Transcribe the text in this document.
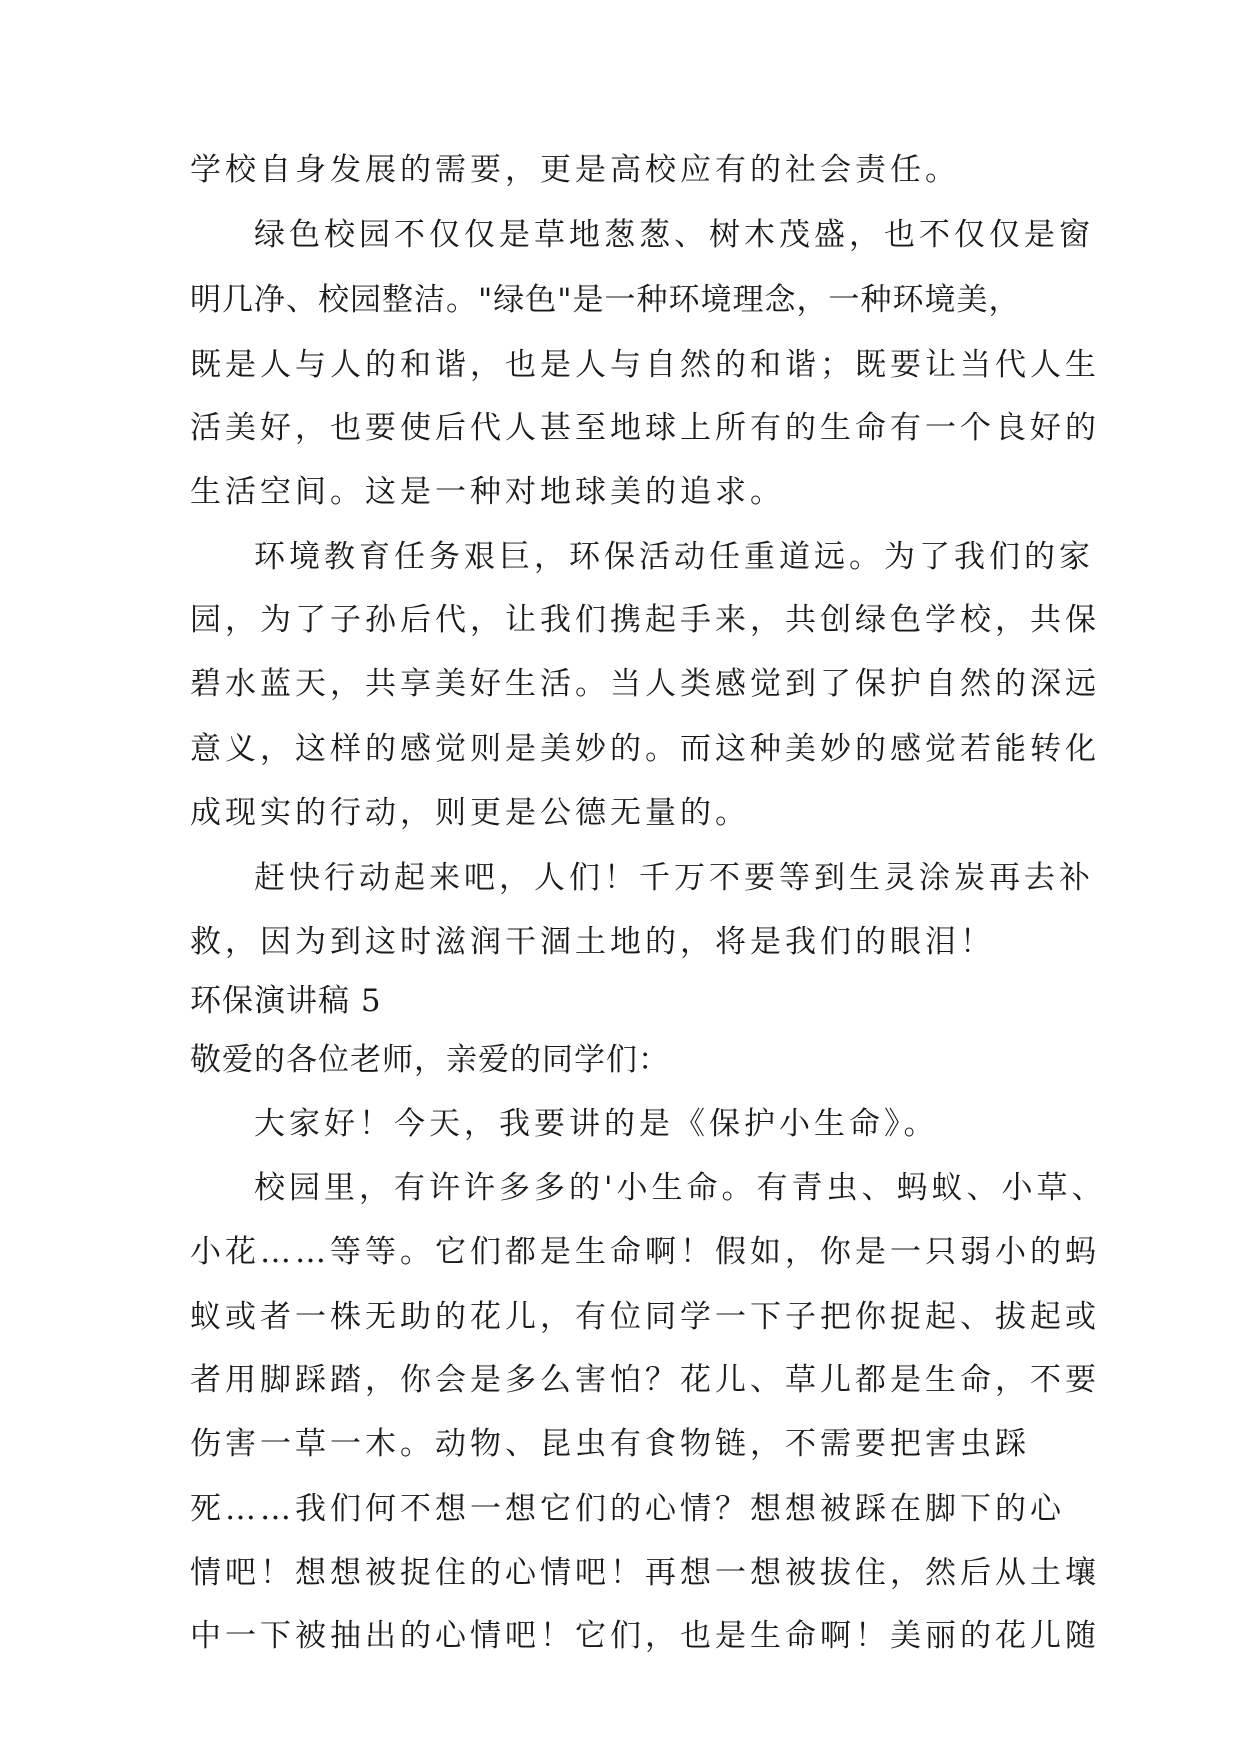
学校自身发展的需要，更是高校应有的社会责任。
绿色校园不仅仅是草地葱葱、树木茂盛，也不仅仅是窗
明几净、校园整洁。"绿色"是一种环境理念，一种环境美，
既是人与人的和谐，也是人与自然的和谐；既要让当代人生
活美好，也要使后代人甚至地球上所有的生命有一个良好的
生活空间。这是一种对地球美的追求。
环境教育任务艰巨，环保活动任重道远。为了我们的家
园，为了子孙后代，让我们携起手来，共创绿色学校，共保
碧水蓝天，共享美好生活。当人类感觉到了保护自然的深远
意义，这样的感觉则是美妙的。而这种美妙的感觉若能转化
成现实的行动，则更是公德无量的。
赶快行动起来吧，人们！千万不要等到生灵涂炭再去补
救，因为到这时滋润干涸土地的，将是我们的眼泪！
环保演讲稿 5
敬爱的各位老师，亲爱的同学们：
大家好！今天，我要讲的是《保护小生命》。
校园里，有许许多多的'小生命。有青虫、蚂蚁、小草、
小花……等等。它们都是生命啊！假如，你是一只弱小的蚂
蚁或者一株无助的花儿，有位同学一下子把你捉起、拔起或
者用脚踩踏，你会是多么害怕？花儿、草儿都是生命，不要
伤害一草一木。动物、昆虫有食物链，不需要把害虫踩
死……我们何不想一想它们的心情？想想被踩在脚下的心
情吧！想想被捉住的心情吧！再想一想被拔住，然后从土壤
中一下被抽出的心情吧！它们，也是生命啊！美丽的花儿随
